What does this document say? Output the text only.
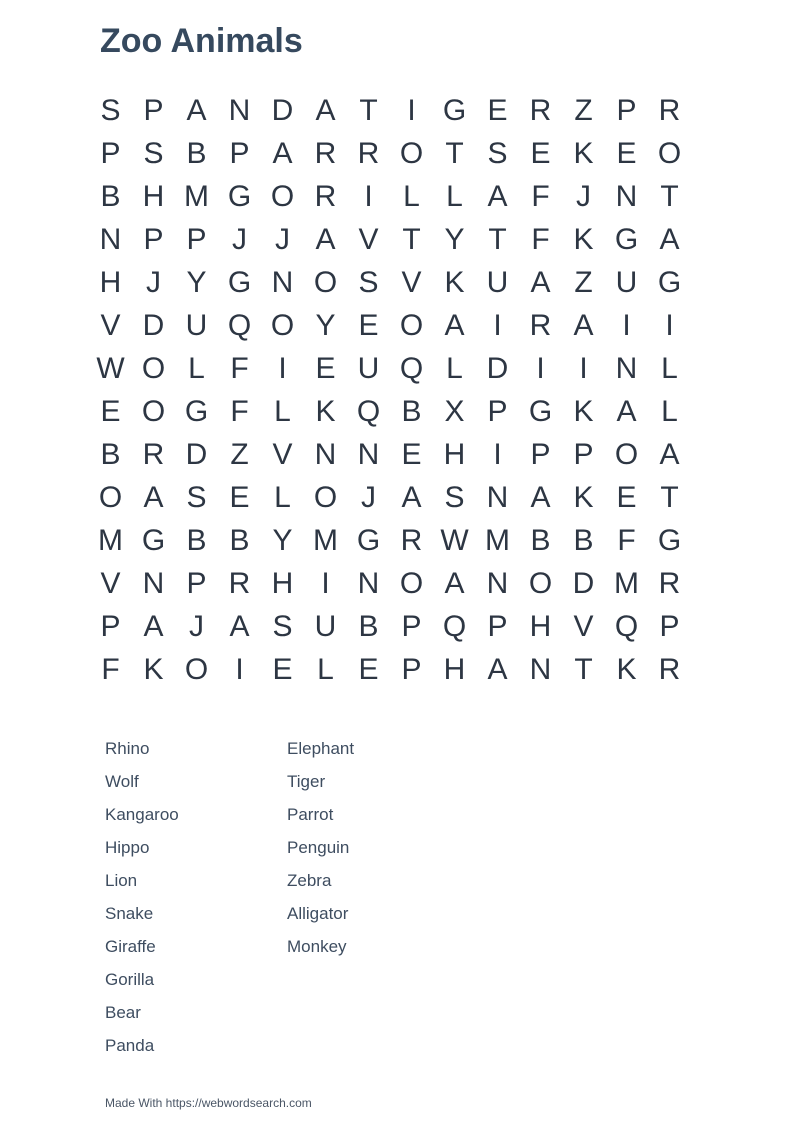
Zoo Animals
S P A N D A T I G E R Z P R
P S B P A R R O T S E K E O
B H M G O R I	L L A F J N T
N P P J J A V T Y T F K G A
H J Y G N O S V K U A Z U G
V D U Q O Y E O A I R A I	I
W O L F I E U Q L D I	I N L
E O G F L K Q B X P G K A L
B R D Z V N N E H I P P O A
O A S E L O J A S N A K E T
M G B B Y M G R W M B B F G
V N P R H I N O A N O D M R
P A J A S U B P Q P H V Q P
F K O I E L E P H A N T K R
Rhino
Wolf
Kangaroo
Hippo
Lion
Snake
Giraffe
Gorilla
Bear
Panda
Elephant
Tiger
Parrot
Penguin
Zebra
Alligator
Monkey
Made With https://webwordsearch.com
